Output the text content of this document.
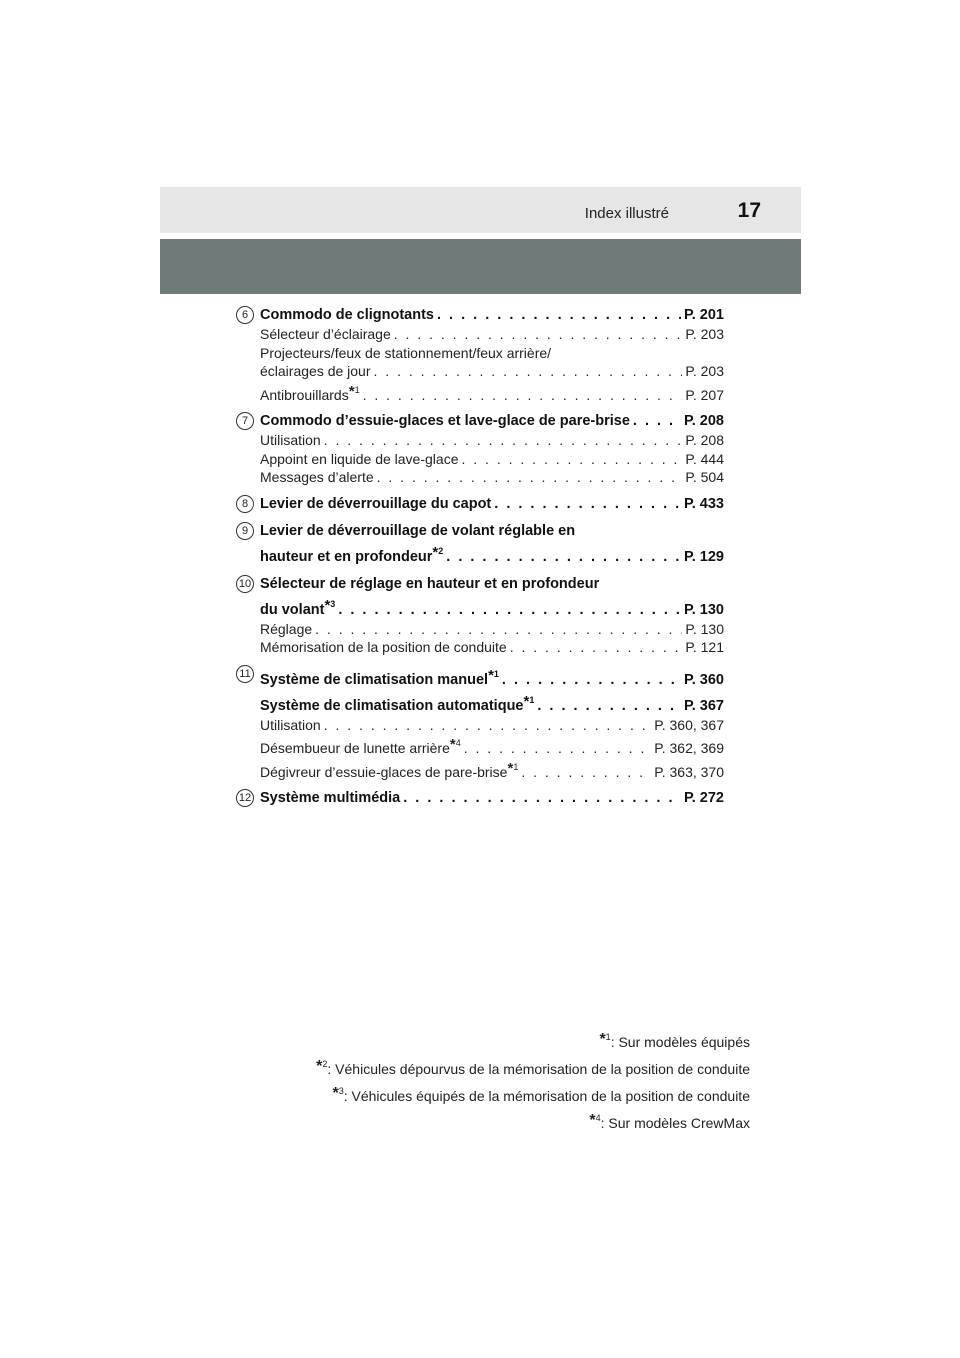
Index illustré	17
6 Commodo de clignotants . . .	P. 201
Sélecteur d’éclairage . . .	P. 203
Projecteurs/feux de stationnement/feux arrière/
éclairages de jour . . .	P. 203
Antibrouillards*$^1$ . . .	P. 207
7 Commodo d’essuie-glaces et lave-glace de pare-brise . . .	P. 208
Utilisation . . .	P. 208
Appoint en liquide de lave-glace . . .	P. 444
Messages d’alerte . . .	P. 504
8 Levier de déverrouillage du capot . . .	P. 433
9 Levier de déverrouillage de volant réglable en
hauteur et en profondeur*$^2$ . . .	P. 129
10 Sélecteur de réglage en hauteur et en profondeur
du volant*$^3$ . . .	P. 130
Réglage . . .	P. 130
Mémorisation de la position de conduite . . .	P. 121
11 Système de climatisation manuel*$^1$ . . .	P. 360
Système de climatisation automatique*$^1$ . . .	P. 367
Utilisation . . .	P. 360, 367
Désembueur de lunette arrière*$^4$ . . .	P. 362, 369
Dégivreur d’essuie-glaces de pare-brise*$^1$ . . .	P. 363, 370
12 Système multimédia . . .	P. 272
*$^1$: Sur modèles équipés
*$^2$: Véhicules dépourvus de la mémorisation de la position de conduite
*$^3$: Véhicules équipés de la mémorisation de la position de conduite
*$^4$: Sur modèles CrewMax
